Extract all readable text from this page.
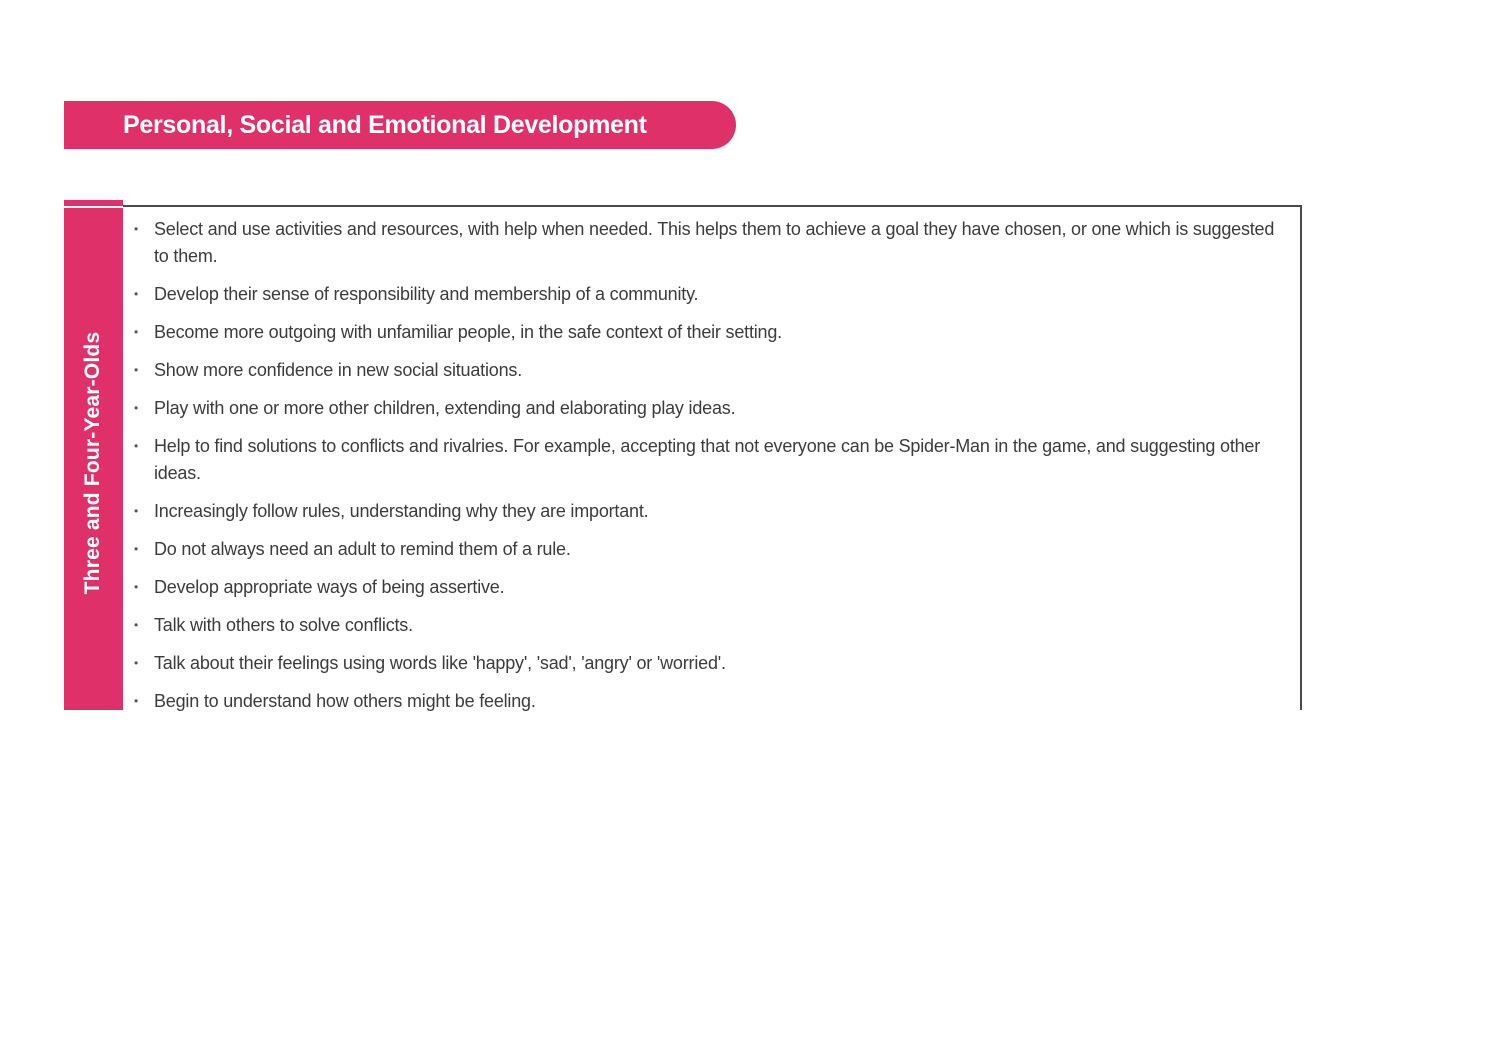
Personal, Social and Emotional Development
Three and Four-Year-Olds
• Select and use activities and resources, with help when needed. This helps them to achieve a goal they have chosen, or one which is suggested to them.
• Develop their sense of responsibility and membership of a community.
• Become more outgoing with unfamiliar people, in the safe context of their setting.
• Show more confidence in new social situations.
• Play with one or more other children, extending and elaborating play ideas.
• Help to find solutions to conflicts and rivalries. For example, accepting that not everyone can be Spider-Man in the game, and suggesting other ideas.
• Increasingly follow rules, understanding why they are important.
• Do not always need an adult to remind them of a rule.
• Develop appropriate ways of being assertive.
• Talk with others to solve conflicts.
• Talk about their feelings using words like 'happy', 'sad', 'angry' or 'worried'.
• Begin to understand how others might be feeling.
